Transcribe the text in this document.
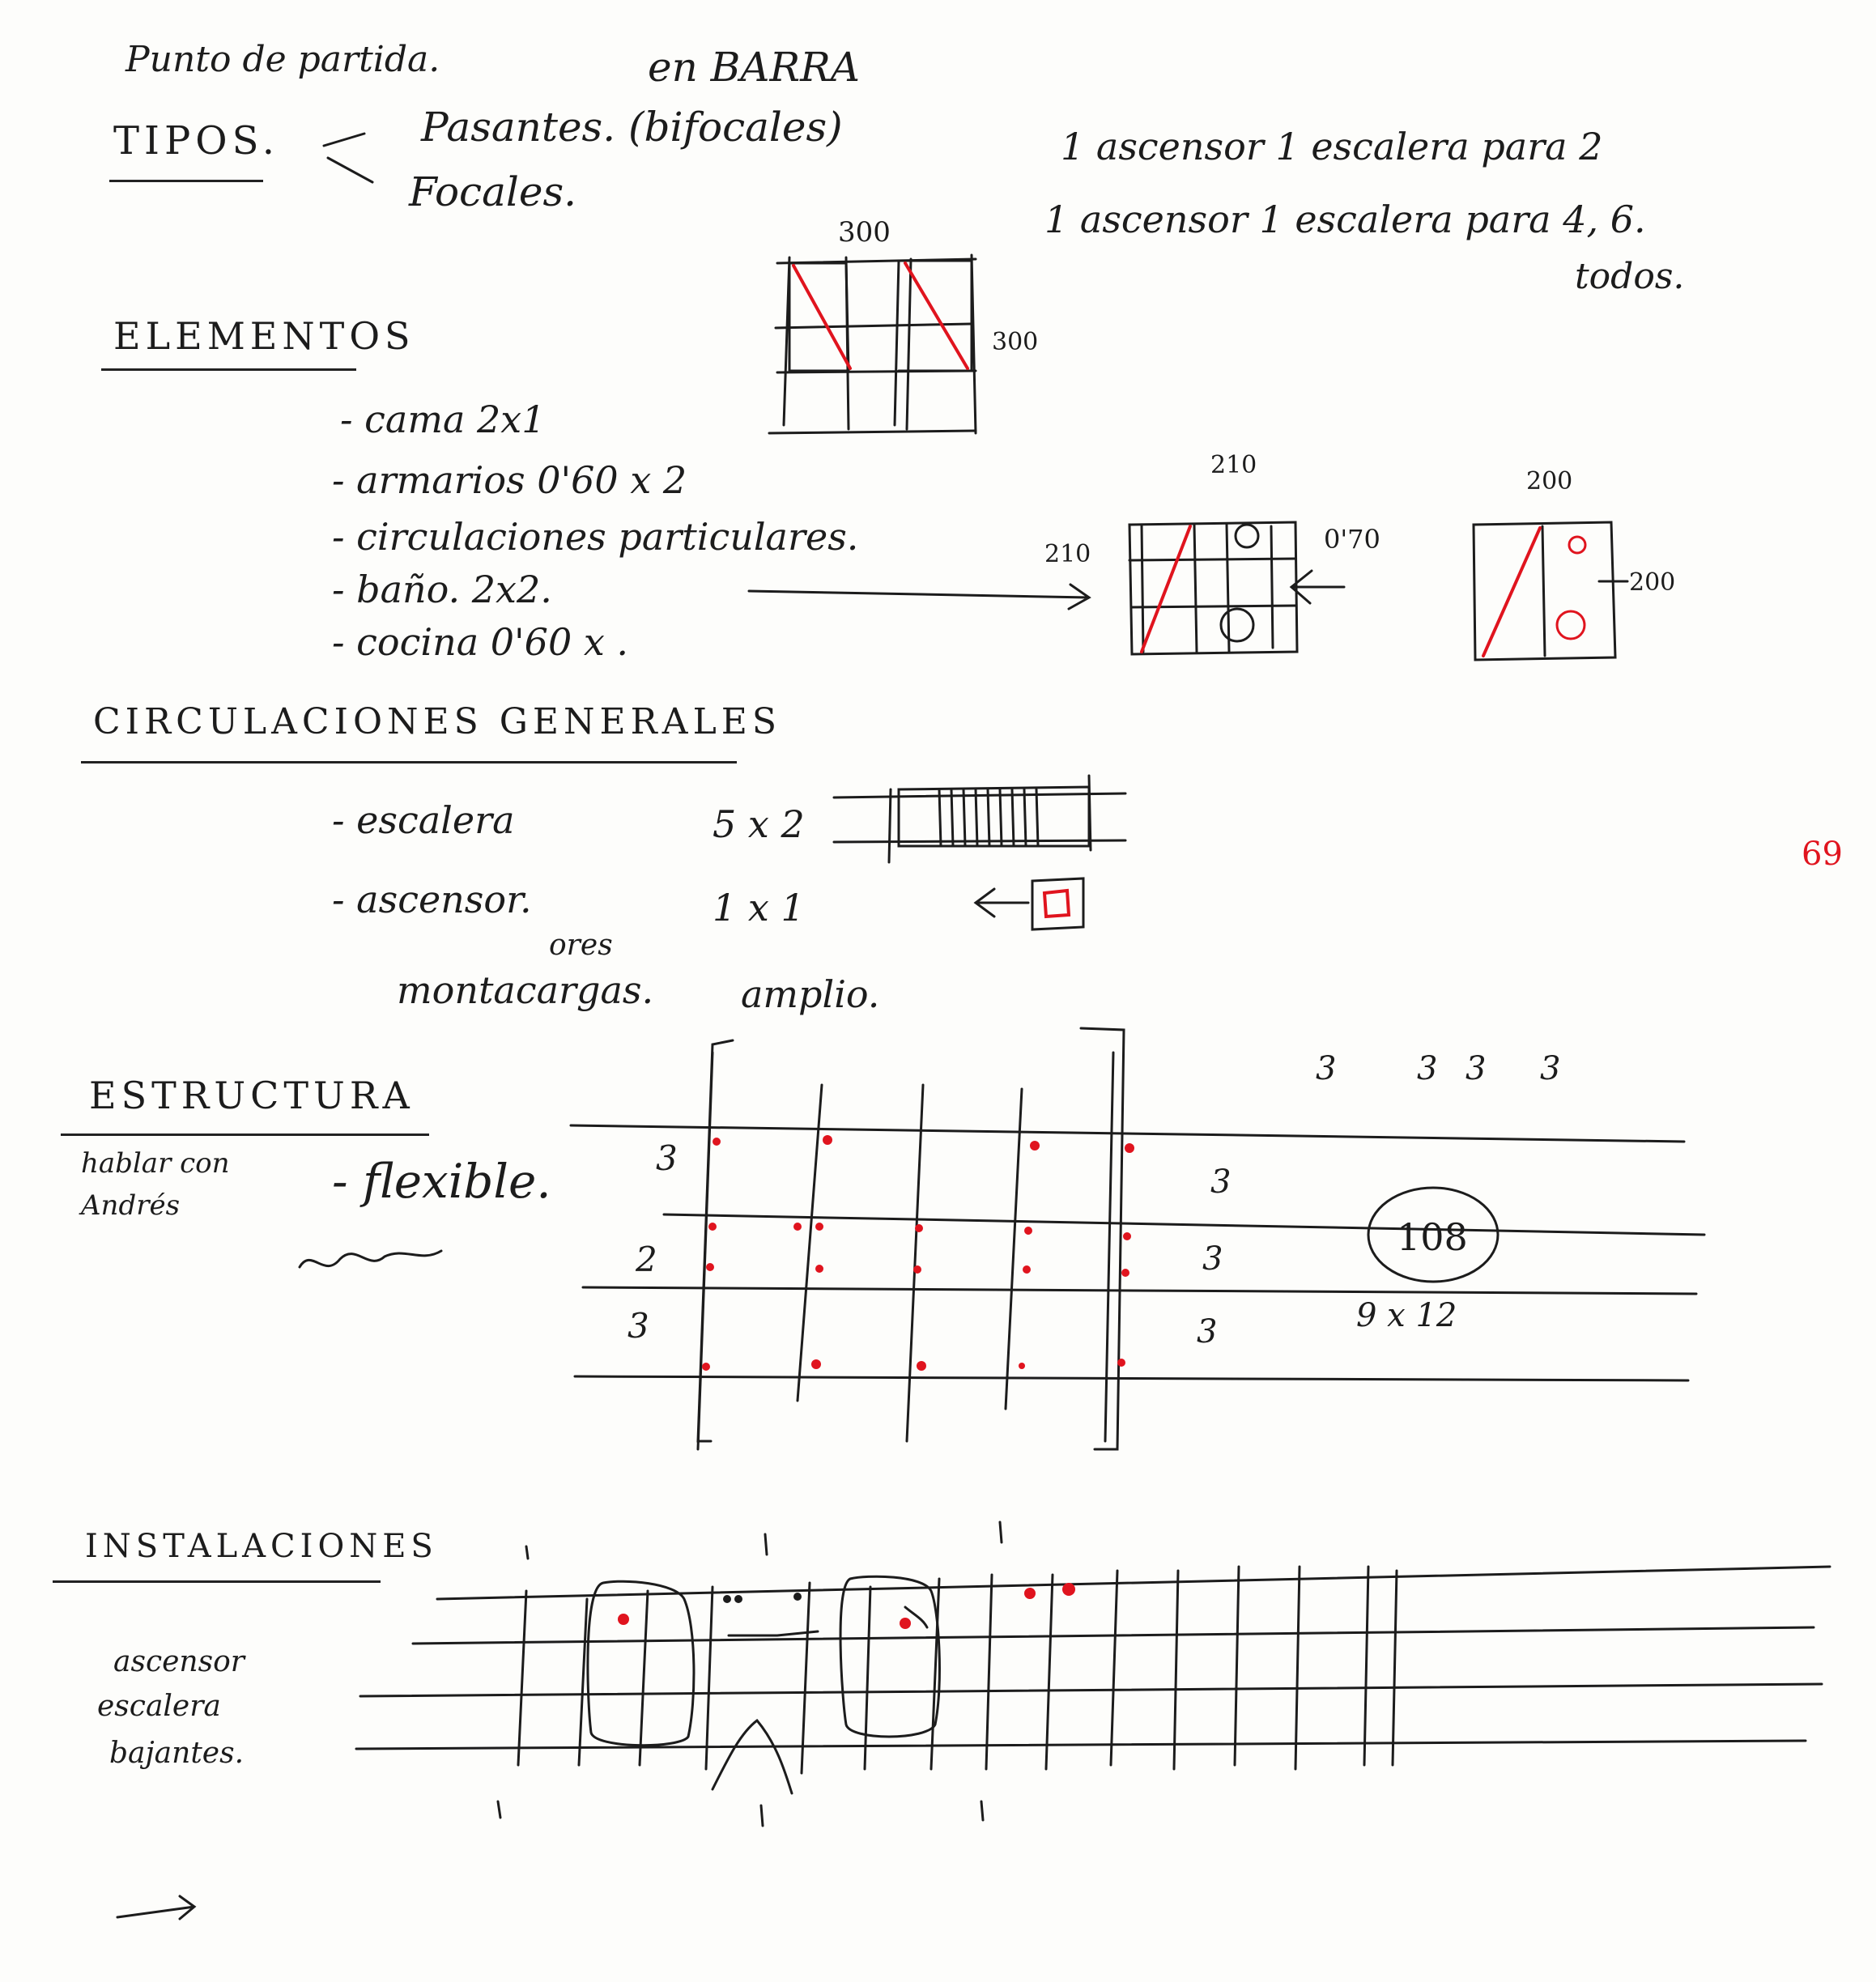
Punto de partida.	en BARRA
TIPOS.	Pasantes. (bifocales)
Focales.
1 ascensor 1 escalera para 2
1 ascensor 1 escalera para 4, 6.
todos.
ELEMENTOS
- cama 2x1
- armarios 0'60 x 2
- circulaciones particulares.
- baño. 2x2.
- cocina 0'60 x .
CIRCULACIONES GENERALES
- escalera	5 x 2
- ascensor.	1 x 1
ores
montacargas. amplio.
ESTRUCTURA
hablar con
Andrés	- flexible.	3
2
3
3
3
3
3 3 3 3
108
9 x 12
INSTALACIONES
ascensor
escalera
bajantes.
69
300
300
210
210	0'70
200
200
